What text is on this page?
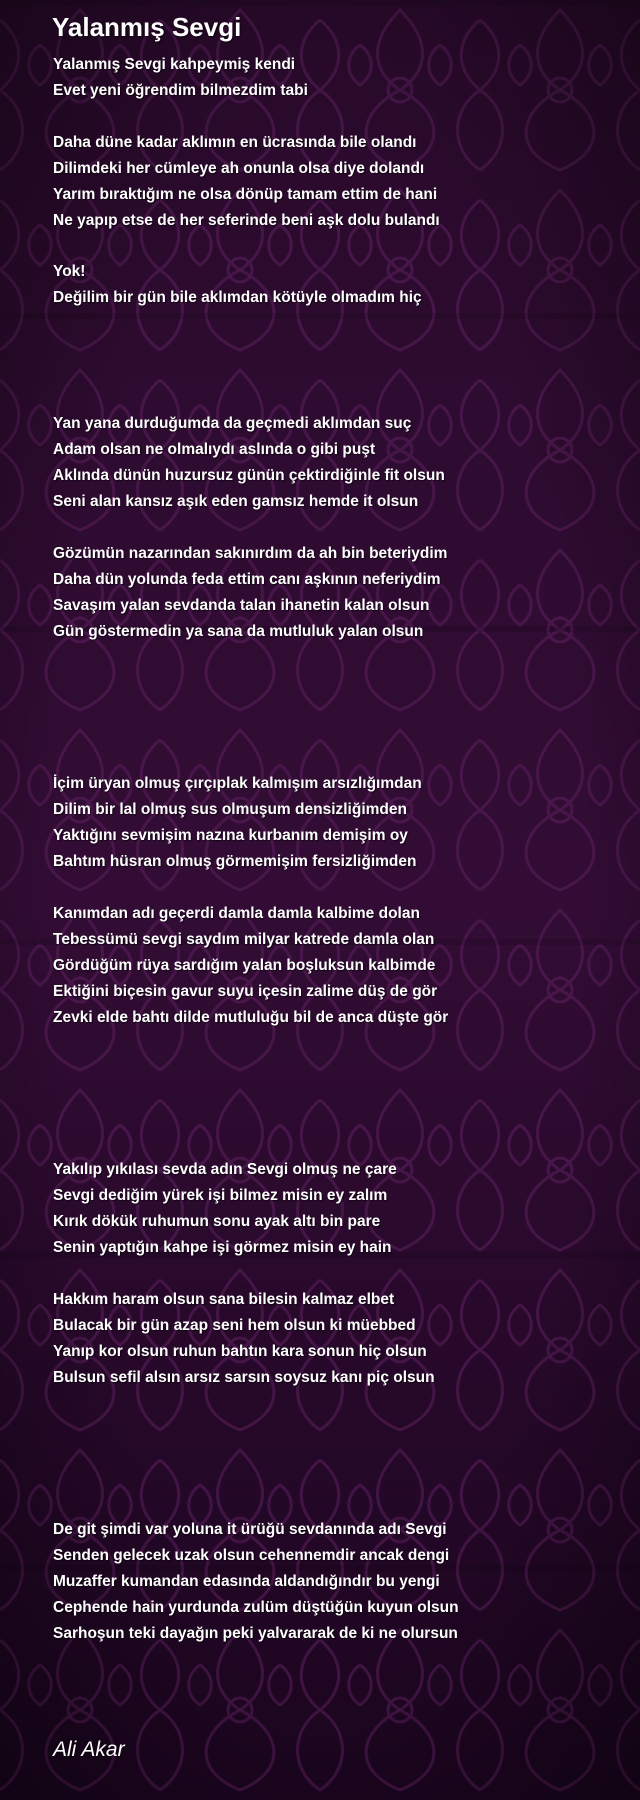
Yalanmış Sevgi
Yalanmış Sevgi kahpeymiş kendi
Evet yeni öğrendim bilmezdim tabi
Daha düne kadar aklımın en ücrasında bile olandı
Dilimdeki her cümleye ah onunla olsa diye dolandı
Yarım bıraktığım ne olsa dönüp tamam ettim de hani
Ne yapıp etse de her seferinde beni aşk dolu bulandı
Yok!
Değilim bir gün bile aklımdan kötüyle olmadım hiç
Yan yana durduğumda da geçmedi aklımdan suç
Adam olsan ne olmalıydı aslında o gibi puşt
Aklında dünün huzursuz günün çektirdiğinle fit olsun
Seni alan kansız aşık eden gamsız hemde it olsun
Gözümün nazarından sakınırdım da ah bin beteriydim
Daha dün yolunda feda ettim canı aşkının neferiydim
Savaşım yalan sevdanda talan ihanetin kalan olsun
Gün göstermedin ya sana da mutluluk yalan olsun
İçim üryan olmuş çırçıplak kalmışım arsızlığımdan
Dilim bir lal olmuş sus olmuşum densizliğimden
Yaktığını sevmişim nazına kurbanım demişim oy
Bahtım hüsran olmuş görmemişim fersizliğimden
Kanımdan adı geçerdi damla damla kalbime dolan
Tebessümü sevgi saydım milyar katrede damla olan
Gördüğüm rüya sardığım yalan boşluksun kalbimde
Ektiğini biçesin gavur suyu içesin zalime düş de gör
Zevki elde bahtı dilde mutluluğu bil de anca düşte gör
Yakılıp yıkılası sevda adın Sevgi olmuş ne çare
Sevgi dediğim yürek işi bilmez misin ey zalım
Kırık dökük ruhumun sonu ayak altı bin pare
Senin yaptığın kahpe işi görmez misin ey hain
Hakkım haram olsun sana bilesin kalmaz elbet
Bulacak bir gün azap seni hem olsun ki müebbed
Yanıp kor olsun ruhun bahtın kara sonun hiç olsun
Bulsun sefil alsın arsız sarsın soysuz kanı piç olsun
De git şimdi var yoluna it ürüğü sevdanında adı Sevgi
Senden gelecek uzak olsun cehennemdir ancak dengi
Muzaffer kumandan edasında aldandığındır bu yengi
Cephende hain yurdunda zulüm düştüğün kuyun olsun
Sarhoşun teki dayağın peki yalvararak de ki ne olursun

Ali Akar
